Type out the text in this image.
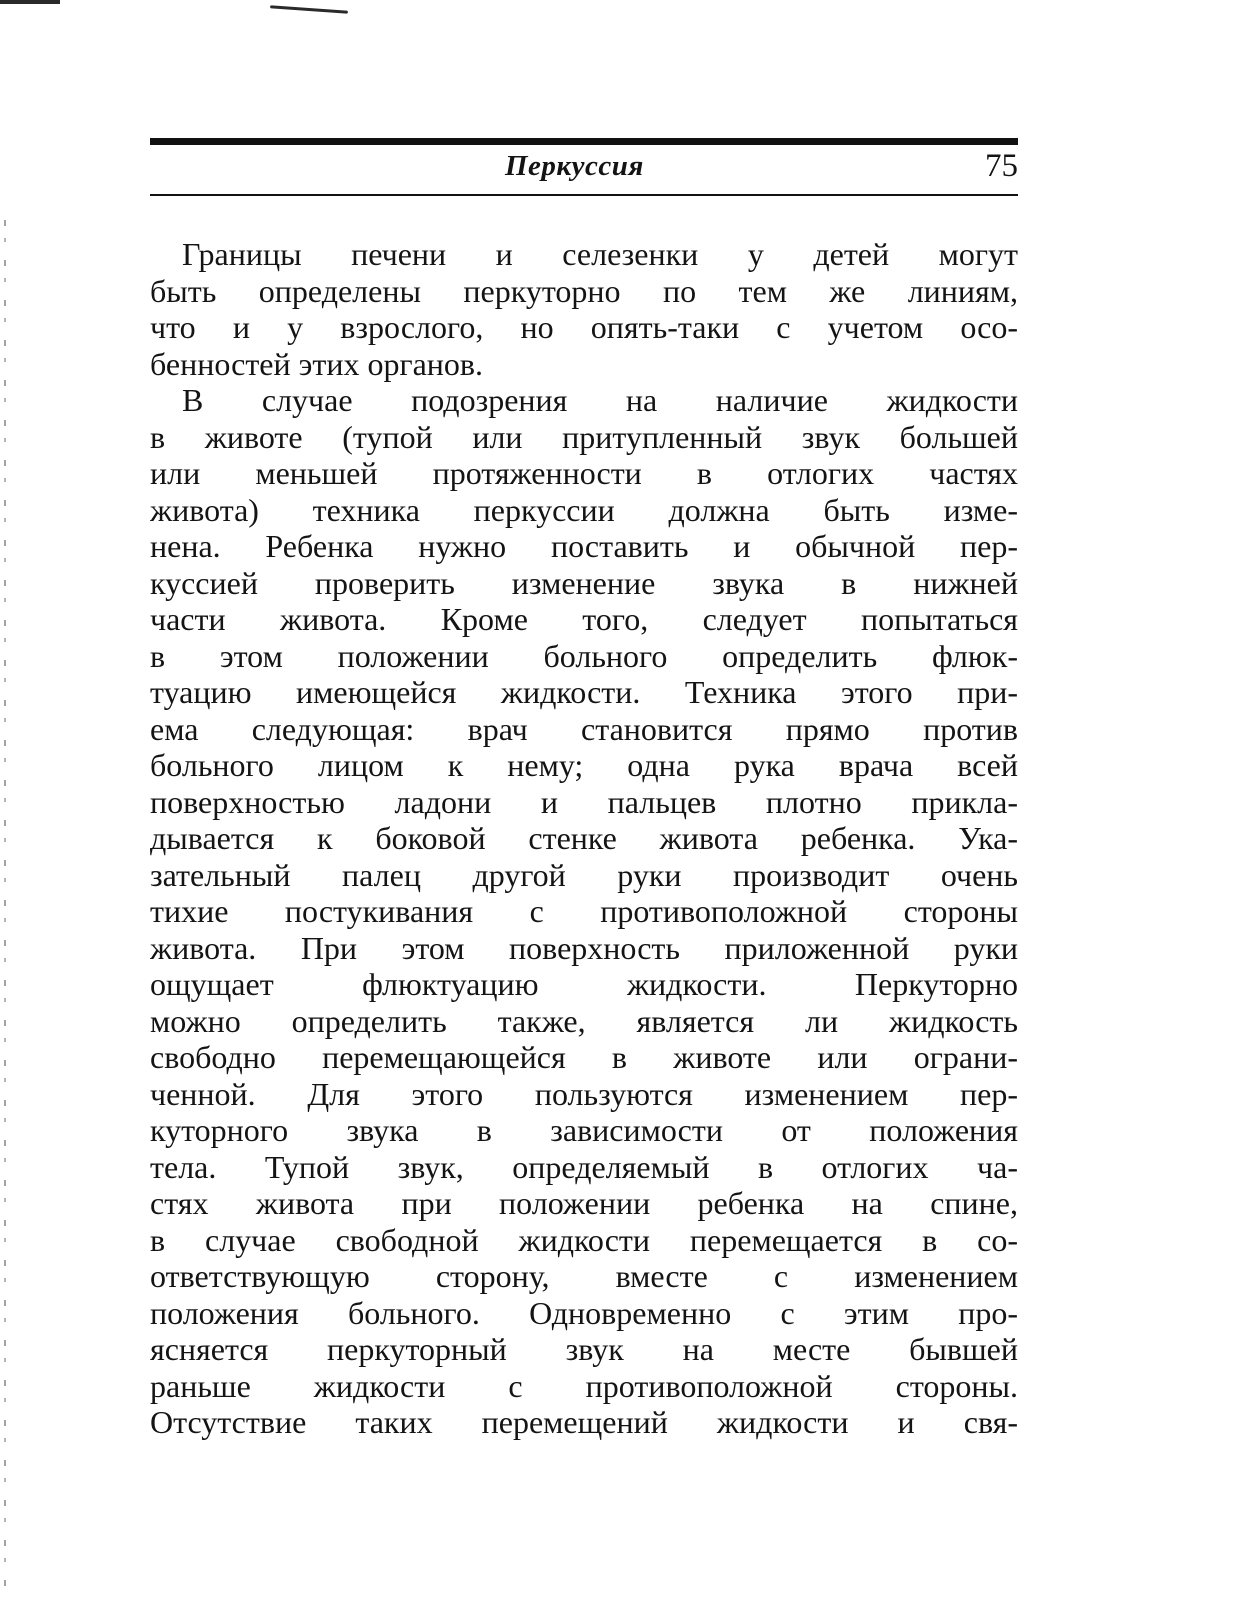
Перкуссия	75
Границы печени и селезенки у детей могут
быть определены перкуторно по тем же линиям,
что и у взрослого, но опять-таки с учетом осо-
бенностей этих органов.
В случае подозрения на наличие жидкости
в животе (тупой или притупленный звук большей
или меньшей протяженности в отлогих частях
живота) техника перкуссии должна быть изме-
нена. Ребенка нужно поставить и обычной пер-
куссией проверить изменение звука в нижней
части живота. Кроме того, следует попытаться
в этом положении больного определить флюк-
туацию имеющейся жидкости. Техника этого при-
ема следующая: врач становится прямо против
больного лицом к нему; одна рука врача всей
поверхностью ладони и пальцев плотно прикла-
дывается к боковой стенке живота ребенка. Ука-
зательный палец другой руки производит очень
тихие постукивания с противоположной стороны
живота. При этом поверхность приложенной руки
ощущает флюктуацию жидкости. Перкуторно
можно определить также, является ли жидкость
свободно перемещающейся в животе или ограни-
ченной. Для этого пользуются изменением пер-
куторного звука в зависимости от положения
тела. Тупой звук, определяемый в отлогих ча-
стях живота при положении ребенка на спине,
в случае свободной жидкости перемещается в со-
ответствующую сторону, вместе с изменением
положения больного. Одновременно с этим про-
ясняется перкуторный звук на месте бывшей
раньше жидкости с противоположной стороны.
Отсутствие таких перемещений жидкости и свя-
